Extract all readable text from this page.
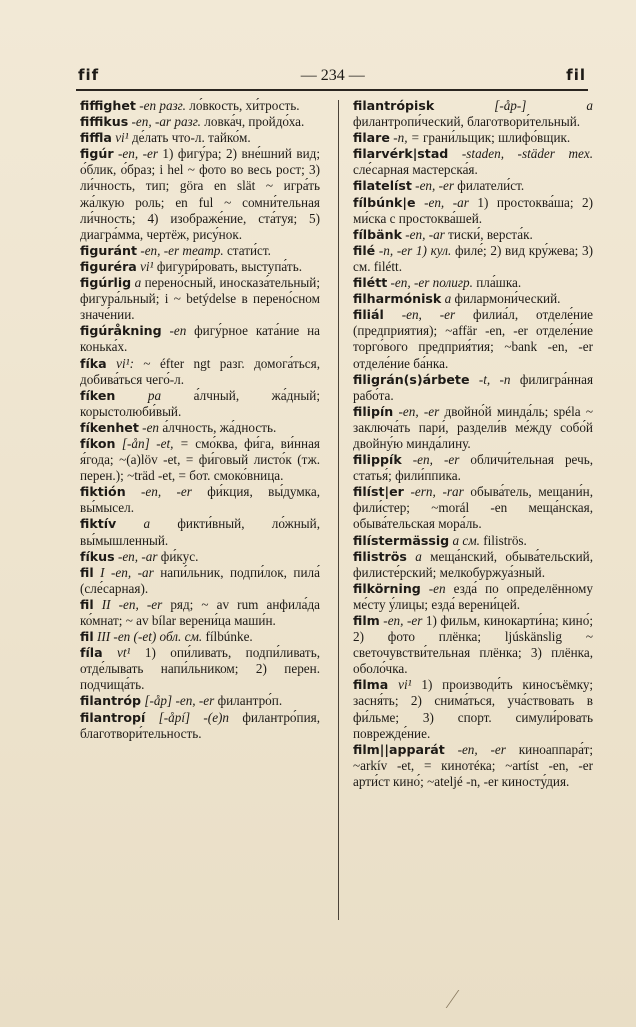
fif	— 234 —	fil

fiffighet -en разг. ло́вкость, хи́трость.

fiffikus -en, -ar разг. ловка́ч, пройдо́ха.

fiffla vi¹ де́лать что-л. тайко́м.

figúr -en, -er 1) фигу́ра; 2) вне́шний вид; о́блик, о́браз; i hel ~ фото во весь рост; 3) ли́чность, тип; göra en slät ~ игра́ть жа́лкую роль; en ful ~ сомни́тельная ли́чность; 4) изображе́ние, ста́туя; 5) диагра́мма, чертёж, рису́нок.

figuránt -en, -er театр. стати́ст.

figuréra vi¹ фигури́ровать, выступа́ть.

figúrlig a перено́сный, иносказа́тельный; фигура́льный; i ~ betýdelse в перено́сном значе́нии.

figúråkning -en фигу́рное ката́ние на конька́х.

fíka vi¹: ~ éfter ngt разг. домога́ться, добива́ться чего́-л.

fíken pa а́лчный, жа́дный; корыстолюби́вый.

fíkenhet -en а́лчность, жа́дность.

fíkon [-ån] -et, = смо́ква, фи́га, ви́нная я́года; ~(a)löv -et, = фи́говый листо́к (тж. перен.); ~träd -et, = бот. смоко́вница.

fiktión -en, -er фи́кция, вы́думка, вы́мысел.

fiktív a фикти́вный, ло́жный, вы́мышленный.

fíkus -en, -ar фи́кус.

fil I -en, -ar напи́льник, подпи́лок, пила́ (сле́сарная).

fil II -en, -er ряд; ~ av rum анфила́да ко́мнат; ~ av bílar верени́ца маши́н.

fil III -en (-et) обл. см. fílbúnke.

fíla vt¹ 1) опи́ливать, подпи́ливать, отде́лывать напи́льником; 2) перен. подчища́ть.

filantróp [-åp] -en, -er филантро́п.

filantropí [-åpí] -(e)n филантро́пия, благотвори́тельность.

filantrópisk	[-åp-] a филантропи́ческий, благотвори́тельный.

filare -n, = грани́льщик; шлифо́вщик.

filarvérk|stad -staden, -städer mex. сле́сарная мастерска́я.

filatelíst -en, -er филатели́ст.

fílbúnk|e -en, -ar 1) простоква́ша; 2) ми́ска с простоква́шей.

fílbänk -en, -ar тиски́, верста́к.

filé -n, -er 1) кул. филе́; 2) вид кру́жева; 3) см. filétt.

filétt -en, -er полигр. пла́шка.

filharmónisk a филармони́ческий.

filiál -en, -er филиа́л, отделе́ние (предприятия); ~affär -en, -er отделе́ние торго́вого предприя́тия; ~bank -en, -er отделе́ние ба́нка.

filigrán(s)árbete -t, -n филигра́нная рабо́та.

filipín -en, -er двойно́й минда́ль; spéla ~ заключа́ть пари́, раздели́в ме́жду собо́й двойну́ю минда́лину.

filippík -en, -er обличи́тельная речь, статья́; фили́ппика.

filíst|er -ern, -rar обыва́тель, мещани́н, фили́стер; ~morál -en меща́нская, обыва́тельская мора́ль.

filístermässig a см. filiströs.

filiströs a меща́нский, обыва́тельский, филисте́рский; мелкобуржуа́зный.

filkörning -en езда́ по определённому ме́сту у́лицы; езда́ верени́цей.

film -en, -er 1) фильм, кинокарти́на; кино́; 2) фото плёнка; ljúskänslig ~ светочувстви́тельная плёнка; 3) плёнка, оболо́чка.

filma vi¹ 1) производи́ть киносъёмку; засня́ть; 2) снима́ться, уча́ствовать в фи́льме; 3) спорт. симули́ровать поврежде́ние.

film||apparát -en, -er киноаппара́т; ~arkív -et, = кинотéка; ~artíst -en, -er арти́ст кино́; ~ateljé -n, -er киносту́дия.
